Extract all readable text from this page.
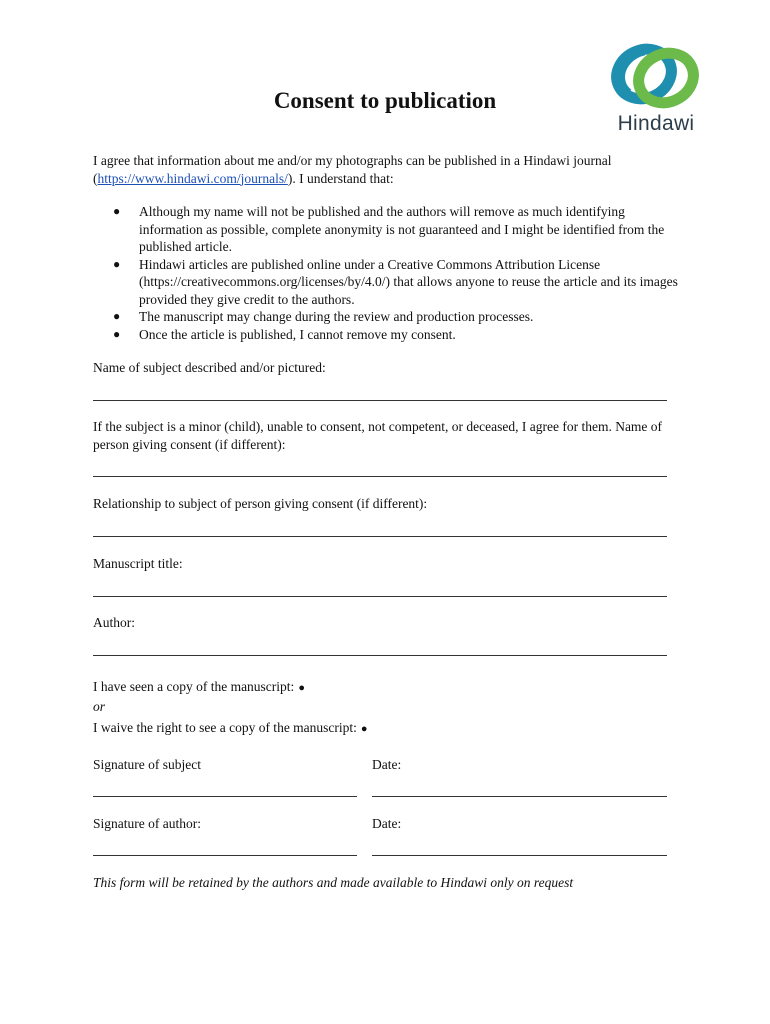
Hindawi
Consent to publication

I agree that information about me and/or my photographs can be published in a Hindawi journal (https://www.hindawi.com/journals/). I understand that:

● Although my name will not be published and the authors will remove as much identifying information as possible, complete anonymity is not guaranteed and I might be identified from the published article.
● Hindawi articles are published online under a Creative Commons Attribution License (https://creativecommons.org/licenses/by/4.0/) that allows anyone to reuse the article and its images provided they give credit to the authors.
● The manuscript may change during the review and production processes.
● Once the article is published, I cannot remove my consent.
Name of subject described and/or pictured:

If the subject is a minor (child), unable to consent, not competent, or deceased, I agree for them. Name of person giving consent (if different):

Relationship to subject of person giving consent (if different):
Manuscript title:
Author:
I have seen a copy of the manuscript: ●
or
I waive the right to see a copy of the manuscript: ●
Signature of subject	Date:
Signature of author:	Date:
This form will be retained by the authors and made available to Hindawi only on request
